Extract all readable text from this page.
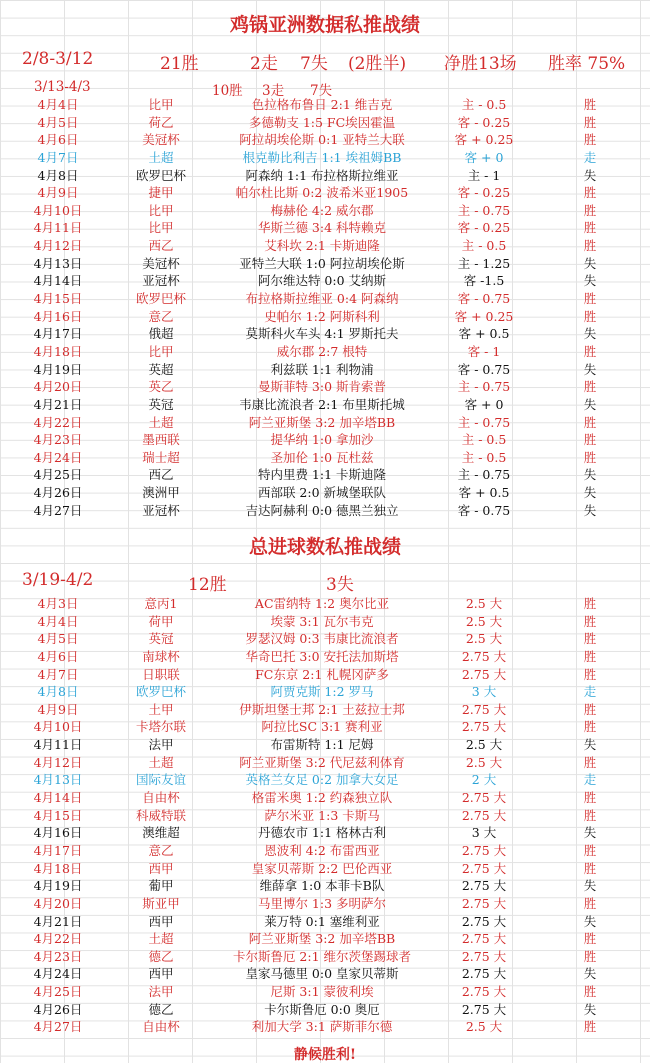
鸡锅亚洲数据私推战绩
2/8-3/12	21胜	2走 7失 (2胜半) 净胜13场 胜率 75%
3/13-4/3	10胜 3走 7失
4月4日	比甲	色拉格布鲁日 2:1 维吉克	主 - 0.5	胜
4月5日	荷乙	多德勒支 1:5 FC埃因霍温	客 - 0.25	胜
4月6日	美冠杯	阿拉胡埃伦斯 0:1 亚特兰大联	客 + 0.25	胜
4月7日	土超	根克勒比利吉 1:1 埃祖姆BB	客 + 0	走
4月8日	欧罗巴杯	阿森纳 1:1 布拉格斯拉维亚	主 - 1	失
4月9日	捷甲	帕尔杜比斯 0:2 波希米亚1905	客 - 0.25	胜
4月10日	比甲	梅赫伦 4:2 威尔郡	主 - 0.75	胜
4月11日	比甲	华斯兰德 3:4 科特赖克	客 - 0.25	胜
4月12日	西乙	艾科坎 2:1 卡斯迪隆	主 - 0.5	胜
4月13日	美冠杯	亚特兰大联 1:0 阿拉胡埃伦斯	主 - 1.25	失
4月14日	亚冠杯	阿尔维达特 0:0 艾纳斯	客 -1.5	失
4月15日	欧罗巴杯	布拉格斯拉维亚 0:4 阿森纳	客 - 0.75	胜
4月16日	意乙	史帕尔 1:2 阿斯科利	客 + 0.25	胜
4月17日	俄超	莫斯科火车头 4:1 罗斯托夫	客 + 0.5	失
4月18日	比甲	威尔郡 2:7 根特	客 - 1	胜
4月19日	英超	利兹联 1:1 利物浦	客 - 0.75	失
4月20日	英乙	曼斯菲特 3:0 斯肯索普	主 - 0.75	胜
4月21日	英冠	韦康比流浪者 2:1 布里斯托城	客 + 0	失
4月22日	土超	阿兰亚斯堡 3:2 加辛塔BB	主 - 0.75	胜
4月23日	墨西联	提华纳 1:0 拿加沙	主 - 0.5	胜
4月24日	瑞士超	圣加伦 1:0 瓦杜兹	主 - 0.5	胜
4月25日	西乙	特内里费 1:1 卡斯迪隆	主 - 0.75	失
4月26日	澳洲甲	西部联 2:0 新城堡联队	客 + 0.5	失
4月27日	亚冠杯	吉达阿赫利 0:0 德黑兰独立	客 - 0.75	失
总进球数私推战绩
3/19-4/2	12胜	3失
4月3日	意丙1	AC雷纳特 1:2 奥尔比亚	2.5 大	胜
4月4日	荷甲	埃蒙 3:1 瓦尔韦克	2.5 大	胜
4月5日	英冠	罗瑟汉姆 0:3 韦康比流浪者	2.5 大	胜
4月6日	南球杯	华奇巴托 3:0 安托法加斯塔	2.75 大	胜
4月7日	日职联	FC东京 2:1 札幌冈萨多	2.75 大	胜
4月8日	欧罗巴杯	阿贾克斯 1:2 罗马	3 大	走
4月9日	土甲	伊斯坦堡士邦 2:1 土兹拉士邦	2.75 大	胜
4月10日	卡塔尔联	阿拉比SC 3:1 赛利亚	2.75 大	胜
4月11日	法甲	布雷斯特 1:1 尼姆	2.5 大	失
4月12日	土超	阿兰亚斯堡 3:2 代尼兹利体育	2.5 大	胜
4月13日	国际友谊	英格兰女足 0:2 加拿大女足	2 大	走
4月14日	自由杯	格雷米奥 1:2 约森独立队	2.75 大	胜
4月15日	科威特联	萨尔米亚 1:3 卡斯马	2.75 大	胜
4月16日	澳维超	丹德农市 1:1 格林古利	3 大	失
4月17日	意乙	恩波利 4:2 布雷西亚	2.75 大	胜
4月18日	西甲	皇家贝蒂斯 2:2 巴伦西亚	2.75 大	胜
4月19日	葡甲	维薛拿 1:0 本菲卡B队	2.75 大	失
4月20日	斯亚甲	马里博尔 1:3 多明萨尔	2.75 大	胜
4月21日	西甲	莱万特 0:1 塞维利亚	2.75 大	失
4月22日	土超	阿兰亚斯堡 3:2 加辛塔BB	2.75 大	胜
4月23日	德乙	卡尔斯鲁厄 2:1 维尔茨堡踢球者	2.75 大	胜
4月24日	西甲	皇家马德里 0:0 皇家贝蒂斯	2.75 大	失
4月25日	法甲	尼斯 3:1 蒙彼利埃	2.75 大	胜
4月26日	德乙	卡尔斯鲁厄 0:0 奥厄	2.75 大	失
4月27日	自由杯	利加大学 3:1 萨斯菲尔德	2.5 大	胜
静候胜利!
